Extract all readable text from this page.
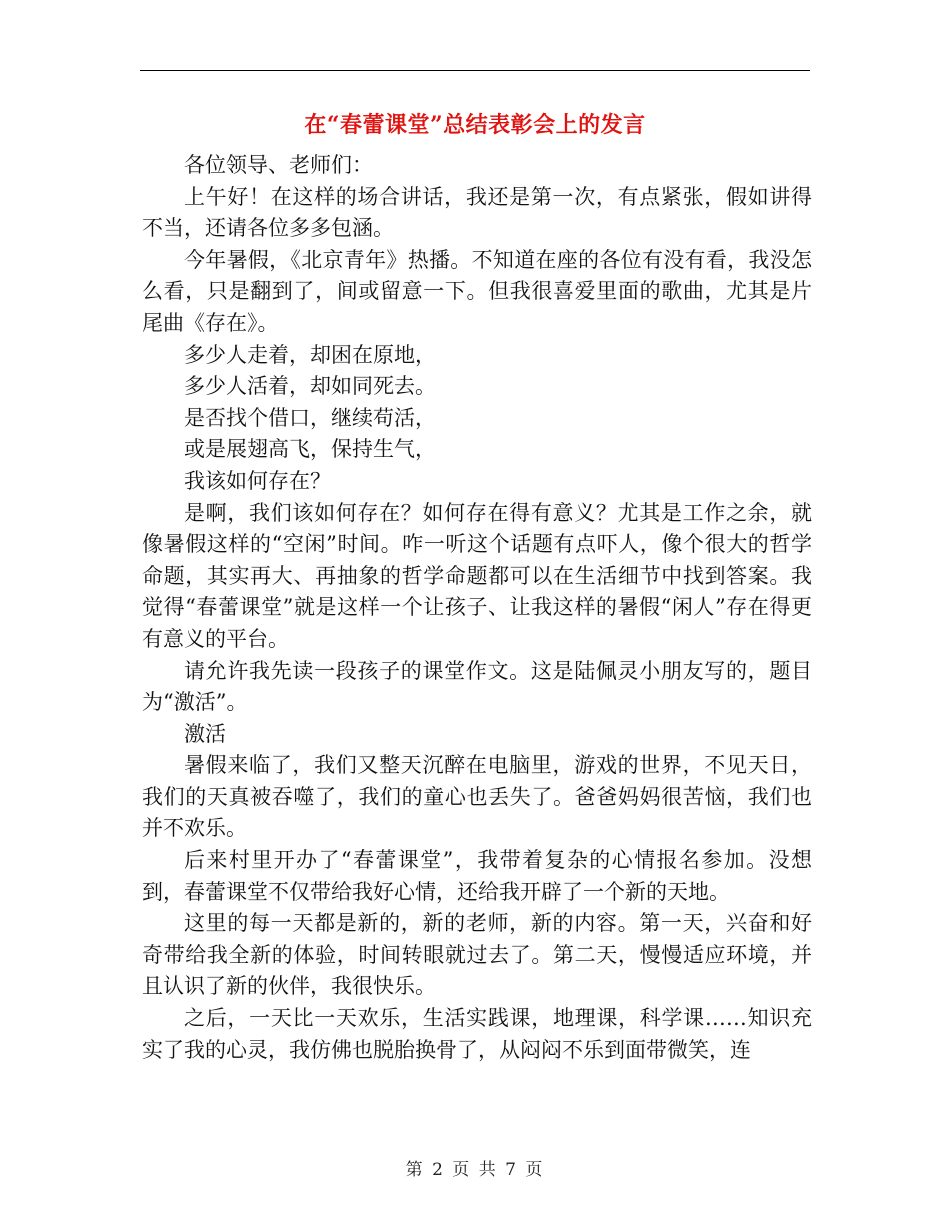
在“春蕾课堂”总结表彰会上的发言

各位领导、老师们：

上午好！在这样的场合讲话，我还是第一次，有点紧张，假如讲得不当，还请各位多多包涵。

今年暑假，《北京青年》热播。不知道在座的各位有没有看，我没怎么看，只是翻到了，间或留意一下。但我很喜爱里面的歌曲，尤其是片尾曲《存在》。

多少人走着，却困在原地，

多少人活着，却如同死去。

是否找个借口，继续苟活，

或是展翅高飞，保持生气，

我该如何存在？

是啊，我们该如何存在？如何存在得有意义？尤其是工作之余，就像暑假这样的“空闲”时间。咋一听这个话题有点吓人，像个很大的哲学命题，其实再大、再抽象的哲学命题都可以在生活细节中找到答案。我觉得“春蕾课堂”就是这样一个让孩子、让我这样的暑假“闲人”存在得更有意义的平台。

请允许我先读一段孩子的课堂作文。这是陆佩灵小朋友写的，题目为“激活”。

激活

暑假来临了，我们又整天沉醉在电脑里，游戏的世界，不见天日，我们的天真被吞噬了，我们的童心也丢失了。爸爸妈妈很苦恼，我们也并不欢乐。

后来村里开办了“春蕾课堂”，我带着复杂的心情报名参加。没想到，春蕾课堂不仅带给我好心情，还给我开辟了一个新的天地。

这里的每一天都是新的，新的老师，新的内容。第一天，兴奋和好奇带给我全新的体验，时间转眼就过去了。第二天，慢慢适应环境，并且认识了新的伙伴，我很快乐。

之后，一天比一天欢乐，生活实践课，地理课，科学课……知识充实了我的心灵，我仿佛也脱胎换骨了，从闷闷不乐到面带微笑，连

第 2 页 共 7 页
